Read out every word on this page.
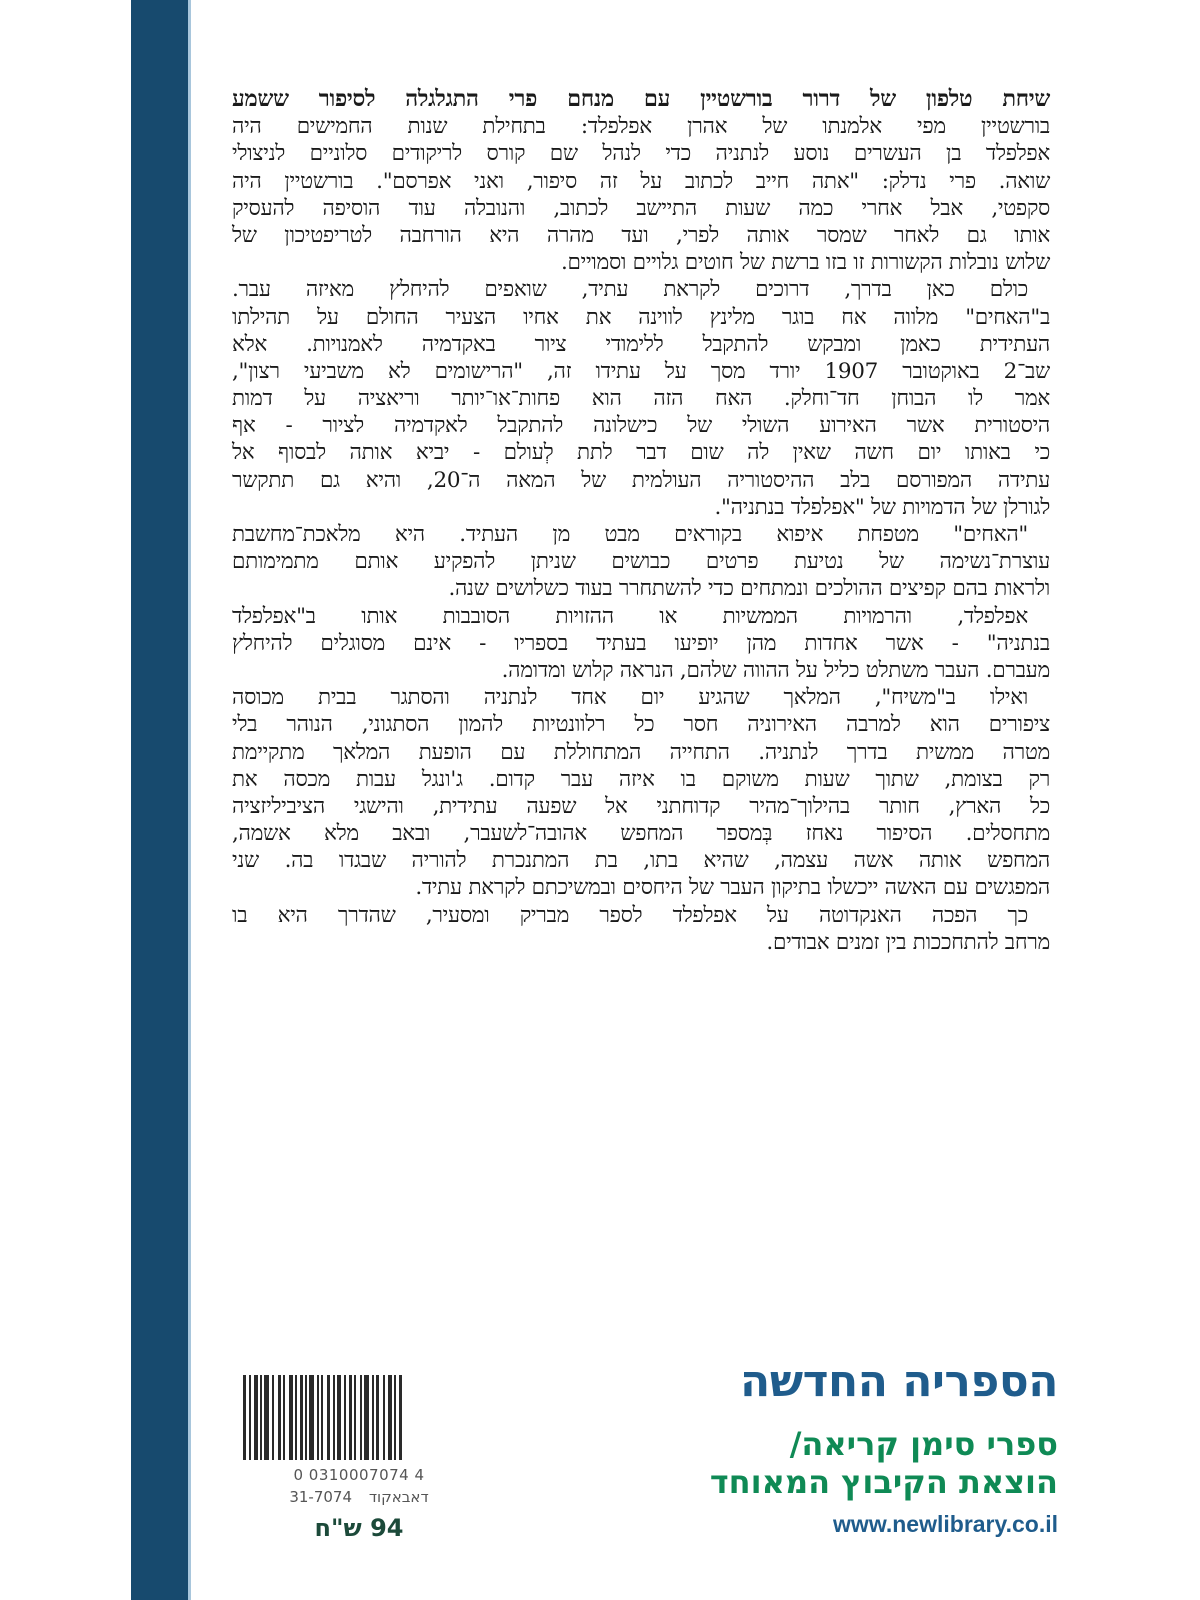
שיחת טלפון של דרור בורשטיין עם מנחם פרי התגלגלה לסיפור ששמע
בורשטיין מפי אלמנתו של אהרן אפלפלד: בתחילת שנות החמישים היה
אפלפלד בן העשרים נוסע לנתניה כדי לנהל שם קורס לריקודים סלוניים לניצולי
שואה. פרי נדלק: "אתה חייב לכתוב על זה סיפור, ואני אפרסם". בורשטיין היה
סקפטי, אבל אחרי כמה שעות התיישב לכתוב, והנובלה עוד הוסיפה להעסיק
אותו גם לאחר שמסר אותה לפרי, ועד מהרה היא הורחבה לטריפטיכון של
שלוש נובלות הקשורות זו בזו ברשת של חוטים גלויים וסמויים.
כולם כאן בדרך, דרוכים לקראת עתיד, שואפים להיחלץ מאיזה עבר.
ב"האחים" מלווה אח בוגר מלינץ לווינה את אחיו הצעיר החולם על תהילתו
העתידית כאמן ומבקש להתקבל ללימודי ציור באקדמיה לאמנויות. אלא
שב־2 באוקטובר 1907 יורד מסך על עתידו זה, "הרישומים לא משביעי רצון",
אמר לו הבוחן חד־וחלק. האח הזה הוא פחות־או־יותר וריאציה על דמות
היסטורית אשר האירוע השולי של כישלונה להתקבל לאקדמיה לציור - אף
כי באותו יום חשה שאין לה שום דבר לתת לְעולם - יביא אותה לבסוף אל
עתידה המפורסם בלב ההיסטוריה העולמית של המאה ה־20, והיא גם תתקשר
לגורלן של הדמויות של "אפלפלד בנתניה".
"האחים" מטפחת איפוא בקוראים מבט מן העתיד. היא מלאכת־מחשבת
עוצרת־נשימה של נטיעת פרטים כבושים שניתן להפקיע אותם מתמימותם
ולראות בהם קפיצים ההולכים ונמתחים כדי להשתחרר בעוד כשלושים שנה.
אפלפלד, והרמויות הממשיות או ההזויות הסובבות אותו ב"אפלפלד
בנתניה" - אשר אחדות מהן יופיעו בעתיד בספריו - אינם מסוגלים להיחלץ
מעברם. העבר משתלט כליל על ההווה שלהם, הנראה קלוש ומדומה.
ואילו ב"משיח", המלאך שהגיע יום אחד לנתניה והסתגר בבית מכוסה
ציפורים הוא למרבה האירוניה חסר כל רלוונטיות להמון הסתגוני, הנוהר בלי
מטרה ממשית בדרך לנתניה. התחייה המתחוללת עם הופעת המלאך מתקיימת
רק בצומת, שתוך שעות משוקם בו איזה עבר קדום. ג'ונגל עבות מכסה את
כל הארץ, חותר בהילוך־מהיר קדוחתני אל שפעה עתידית, והישגי הציביליזציה
מתחסלים. הסיפור נאחז בְּמספר המחפש אהובה־לשעבר, ובאב מלא אשמה,
המחפש אותה אשה עצמה, שהיא בתו, בת המתנכרת להוריה שבגדו בה. שני
המפגשים עם האשה ייכשלו בתיקון העבר של היחסים ובמשיכתם לקראת עתיד.
כך הפכה האנקדוטה על אפלפלד לספר מבריק ומסעיר, שהדרך היא בו
מרחב להתחככות בין זמנים אבודים.
0 0310007074 4
31-7074 דאבאקוד
94 ש"ח
הספריה החדשה
ספרי סימן קריאה/
הוצאת הקיבוץ המאוחד
www.newlibrary.co.il
